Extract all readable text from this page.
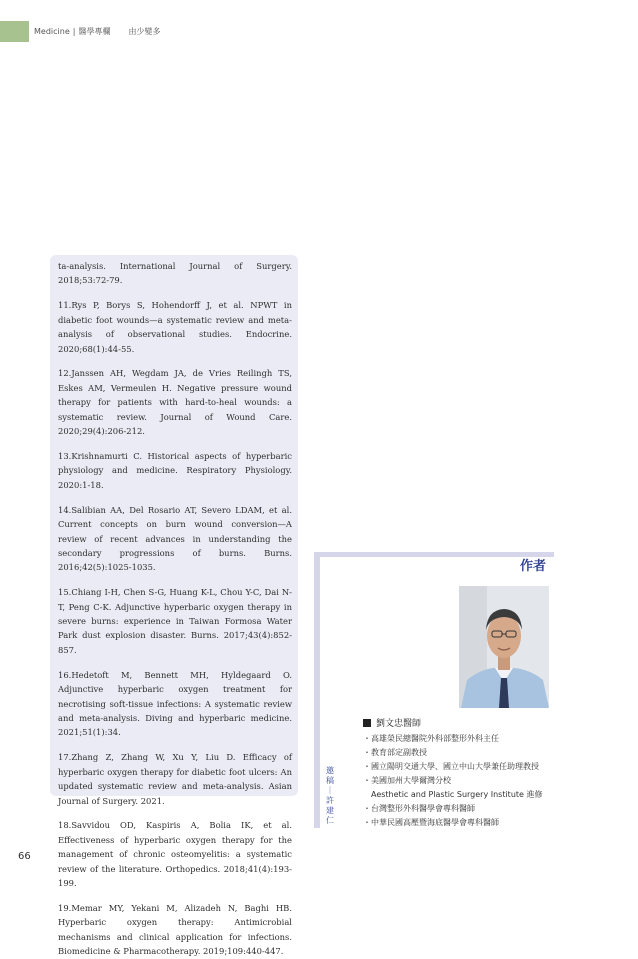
Medicine | 醫學專欄 由少變多

ta-analysis. International Journal of Surgery. 2018;53:72-79.

11.Rys P, Borys S, Hohendorff J, et al. NPWT in diabetic foot wounds—a systematic review and meta-analysis of observational studies. Endocrine. 2020;68(1):44-55.

12.Janssen AH, Wegdam JA, de Vries Reilingh TS, Eskes AM, Vermeulen H. Negative pressure wound therapy for patients with hard-to-heal wounds: a systematic review. Journal of Wound Care. 2020;29(4):206-212.

13.Krishnamurti C. Historical aspects of hyperbaric physiology and medicine. Respiratory Physiology. 2020:1-18.

14.Salibian AA, Del Rosario AT, Severo LDAM, et al. Current concepts on burn wound conversion—A review of recent advances in understanding the secondary progressions of burns. Burns. 2016;42(5):1025-1035.

15.Chiang I-H, Chen S-G, Huang K-L, Chou Y-C, Dai N-T, Peng C-K. Adjunctive hyperbaric oxygen therapy in severe burns: experience in Taiwan Formosa Water Park dust explosion disaster. Burns. 2017;43(4):852-857.

16.Hedetoft M, Bennett MH, Hyldegaard O. Adjunctive hyperbaric oxygen treatment for necrotising soft-tissue infections: A systematic review and meta-analysis. Diving and hyperbaric medicine. 2021;51(1):34.

17.Zhang Z, Zhang W, Xu Y, Liu D. Efficacy of hyperbaric oxygen therapy for diabetic foot ulcers: An updated systematic review and meta-analysis. Asian Journal of Surgery. 2021.

18.Savvidou OD, Kaspiris A, Bolia IK, et al. Effectiveness of hyperbaric oxygen therapy for the management of chronic osteomyelitis: a systematic review of the literature. Orthopedics. 2018;41(4):193-199.

19.Memar MY, Yekani M, Alizadeh N, Baghi HB. Hyperbaric oxygen therapy: Antimicrobial mechanisms and clinical application for infections. Biomedicine & Pharmacotherapy. 2019;109:440-447.

作者
邀
稿
｜
許
建
仁
劉文忠醫師
・高雄榮民總醫院外科部整形外科主任
・教育部定副教授
・國立陽明交通大學、國立中山大學兼任助理教授
・美國加州大學爾灣分校
Aesthetic and Plastic Surgery Institute 進修
・台灣整形外科醫學會專科醫師
・中華民國高壓暨海底醫學會專科醫師
66
